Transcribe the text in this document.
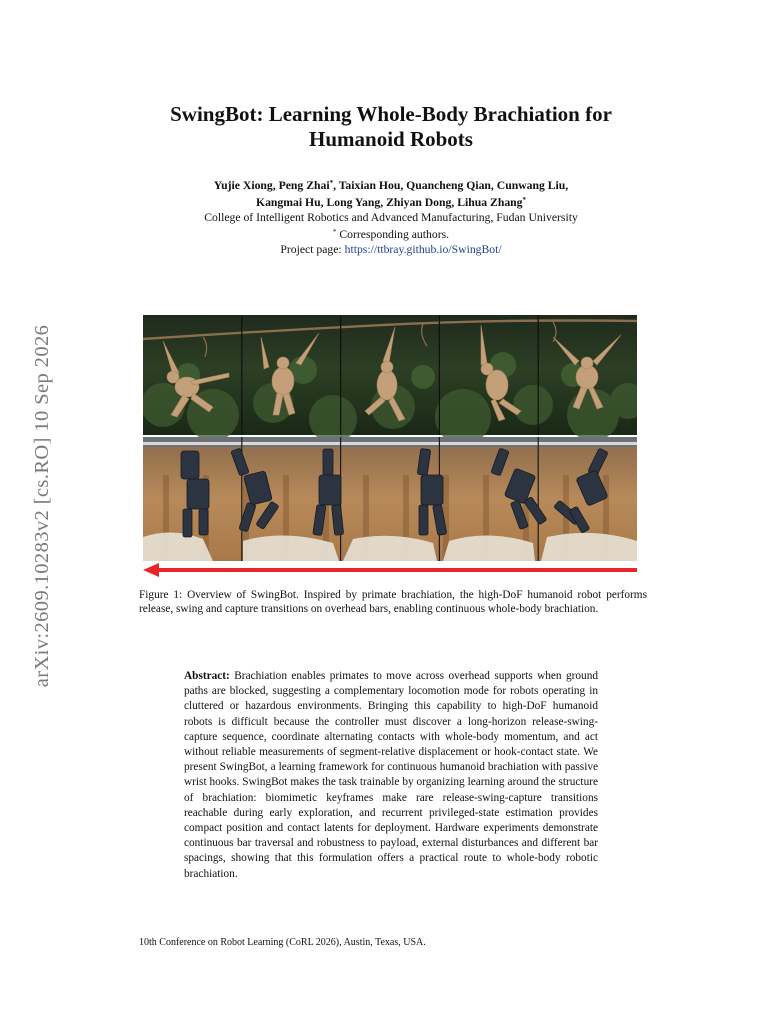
arXiv:2609.10283v2 [cs.RO] 10 Sep 2026
SwingBot: Learning Whole-Body Brachiation for Humanoid Robots
Yujie Xiong, Peng Zhai*, Taixian Hou, Quancheng Qian, Cunwang Liu,
Kangmai Hu, Long Yang, Zhiyan Dong, Lihua Zhang*
College of Intelligent Robotics and Advanced Manufacturing, Fudan University
* Corresponding authors.
Project page: https://ttbray.github.io/SwingBot/
Figure 1: Overview of SwingBot. Inspired by primate brachiation, the high-DoF humanoid robot performs release, swing and capture transitions on overhead bars, enabling continuous whole-body brachiation.
Abstract: Brachiation enables primates to move across overhead supports when ground paths are blocked, suggesting a complementary locomotion mode for robots operating in cluttered or hazardous environments. Bringing this capability to high-DoF humanoid robots is difficult because the controller must discover a long-horizon release-swing-capture sequence, coordinate alternating contacts with whole-body momentum, and act without reliable measurements of segment-relative displacement or hook-contact state. We present SwingBot, a learning framework for continuous humanoid brachiation with passive wrist hooks. SwingBot makes the task trainable by organizing learning around the structure of brachiation: biomimetic keyframes make rare release-swing-capture transitions reachable during early exploration, and recurrent privileged-state estimation provides compact position and contact latents for deployment. Hardware experiments demonstrate continuous bar traversal and robustness to payload, external disturbances and different bar spacings, showing that this formulation offers a practical route to whole-body robotic brachiation.
10th Conference on Robot Learning (CoRL 2026), Austin, Texas, USA.
